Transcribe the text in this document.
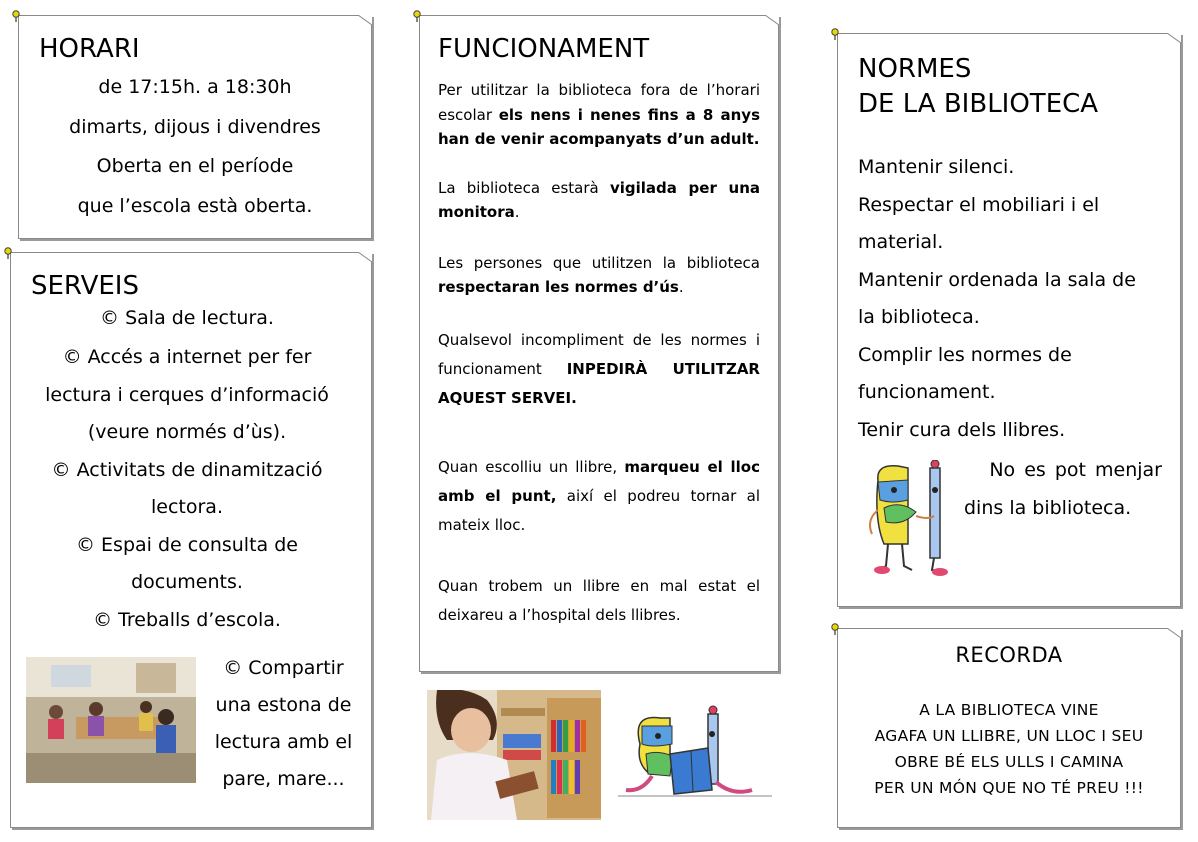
HORARI
de 17:15h. a 18:30h
dimarts, dijous i divendres
Oberta en el període
que l’escola està oberta.
SERVEIS
© Sala de lectura.
© Accés a internet per fer
lectura i cerques d’informació
(veure normés d’ùs).
© Activitats de dinamització
lectora.
© Espai de consulta de
documents.
© Treballs d’escola.
© Compartir
una estona de
lectura amb el
pare, mare...
FUNCIONAMENT

Per utilitzar la biblioteca fora de l’horari escolar els nens i nenes fins a 8 anys han de venir acompanyats d’un adult.

La biblioteca estarà vigilada per una monitora.

Les persones que utilitzen la biblioteca respectaran les normes d’ús.

Qualsevol incompliment de les normes i funcionament INPEDIRÀ UTILITZAR AQUEST SERVEI.

Quan escolliu un llibre, marqueu el lloc amb el punt, així el podreu tornar al mateix lloc.

Quan trobem un llibre en mal estat el deixareu a l’hospital dels llibres.

NORMES
DE LA BIBLIOTECA
Mantenir silenci.
Respectar el mobiliari i el
material.
Mantenir ordenada la sala de
la biblioteca.
Complir les normes de
funcionament.
Tenir cura dels llibres.
No es pot menjar
dins la biblioteca.
RECORDA
A LA BIBLIOTECA VINE
AGAFA UN LLIBRE, UN LLOC I SEU
OBRE BÉ ELS ULLS I CAMINA
PER UN MÓN QUE NO TÉ PREU !!!
